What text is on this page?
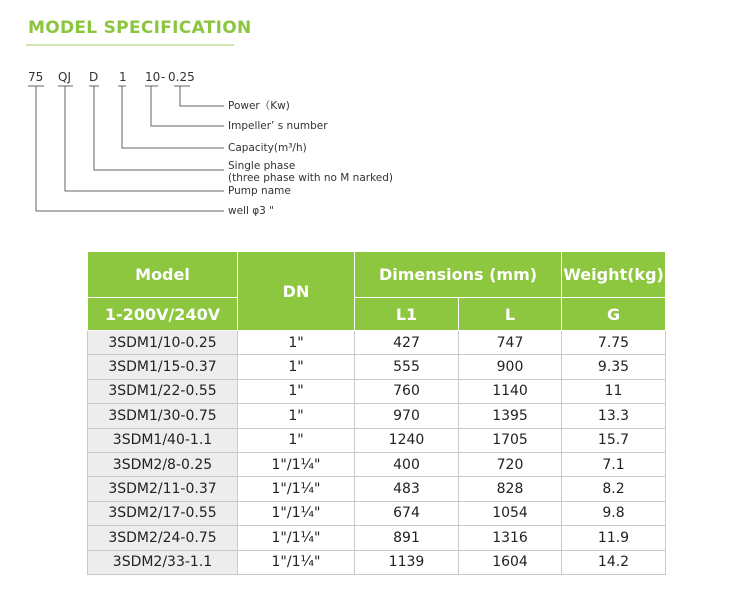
MODEL SPECIFICATION
75 QJ D 1 10 - 0.25
Power（Kw)
Impeller’ s number
Capacity(m³/h)
Single phase
(three phase with no M narked)
Pump name
well φ3 "
Model	DN	Dimensions (mm)		Weight(kg)
1-200V/240V		L1	L	G
3SDM1/10-0.25	1"	427	747	7.75
3SDM1/15-0.37	1"	555	900	9.35
3SDM1/22-0.55	1"	760	1140	11
3SDM1/30-0.75	1"	970	1395	13.3
3SDM1/40-1.1	1"	1240	1705	15.7
3SDM2/8-0.25	1"/1¼"	400	720	7.1
3SDM2/11-0.37	1"/1¼"	483	828	8.2
3SDM2/17-0.55	1"/1¼"	674	1054	9.8
3SDM2/24-0.75	1"/1¼"	891	1316	11.9
3SDM2/33-1.1	1"/1¼"	1139	1604	14.2
